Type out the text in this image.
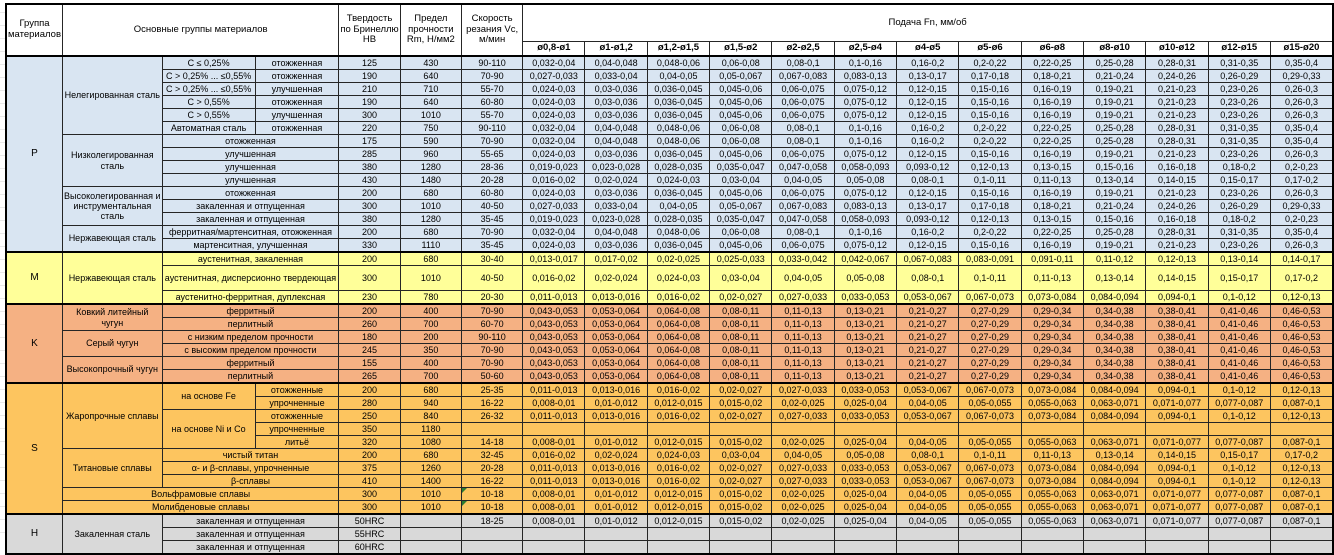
Группа материалов	Основные группы материалов			Твердость по Бринеллю HB	Предел прочности Rm, Н/мм2	Скорость резания Vc, м/мин	Подача Fn, мм/об												
							ø0,8-ø1	ø1-ø1,2	ø1,2-ø1,5	ø1,5-ø2	ø2-ø2,5	ø2,5-ø4	ø4-ø5	ø5-ø6	ø6-ø8	ø8-ø10	ø10-ø12	ø12-ø15	ø15-ø20
P	Нелегированная сталь	C ≤ 0,25%	отожженная	125	430	90-110	0,032-0,04	0,04-0,048	0,048-0,06	0,06-0,08	0,08-0,1	0,1-0,16	0,16-0,2	0,2-0,22	0,22-0,25	0,25-0,28	0,28-0,31	0,31-0,35	0,35-0,4
		C > 0,25% ... ≤0,55%	отожженная	190	640	70-90	0,027-0,033	0,033-0,04	0,04-0,05	0,05-0,067	0,067-0,083	0,083-0,13	0,13-0,17	0,17-0,18	0,18-0,21	0,21-0,24	0,24-0,26	0,26-0,29	0,29-0,33
		C > 0,25% ... ≤0,55%	улучшенная	210	710	55-70	0,024-0,03	0,03-0,036	0,036-0,045	0,045-0,06	0,06-0,075	0,075-0,12	0,12-0,15	0,15-0,16	0,16-0,19	0,19-0,21	0,21-0,23	0,23-0,26	0,26-0,3
		C > 0,55%	отожженная	190	640	60-80	0,024-0,03	0,03-0,036	0,036-0,045	0,045-0,06	0,06-0,075	0,075-0,12	0,12-0,15	0,15-0,16	0,16-0,19	0,19-0,21	0,21-0,23	0,23-0,26	0,26-0,3
		C > 0,55%	улучшенная	300	1010	55-70	0,024-0,03	0,03-0,036	0,036-0,045	0,045-0,06	0,06-0,075	0,075-0,12	0,12-0,15	0,15-0,16	0,16-0,19	0,19-0,21	0,21-0,23	0,23-0,26	0,26-0,3
		Автоматная сталь	отожженная	220	750	90-110	0,032-0,04	0,04-0,048	0,048-0,06	0,06-0,08	0,08-0,1	0,1-0,16	0,16-0,2	0,2-0,22	0,22-0,25	0,25-0,28	0,28-0,31	0,31-0,35	0,35-0,4
	Низколегированная сталь	отожженная		175	590	70-90	0,032-0,04	0,04-0,048	0,048-0,06	0,06-0,08	0,08-0,1	0,1-0,16	0,16-0,2	0,2-0,22	0,22-0,25	0,25-0,28	0,28-0,31	0,31-0,35	0,35-0,4
		улучшенная		285	960	55-65	0,024-0,03	0,03-0,036	0,036-0,045	0,045-0,06	0,06-0,075	0,075-0,12	0,12-0,15	0,15-0,16	0,16-0,19	0,19-0,21	0,21-0,23	0,23-0,26	0,26-0,3
		улучшенная		380	1280	28-36	0,019-0,023	0,023-0,028	0,028-0,035	0,035-0,047	0,047-0,058	0,058-0,093	0,093-0,12	0,12-0,13	0,13-0,15	0,15-0,16	0,16-0,18	0,18-0,2	0,2-0,23
		улучшенная		430	1480	20-28	0,016-0,02	0,02-0,024	0,024-0,03	0,03-0,04	0,04-0,05	0,05-0,08	0,08-0,1	0,1-0,11	0,11-0,13	0,13-0,14	0,14-0,15	0,15-0,17	0,17-0,2
	Высоколегированная и инструментальная сталь	отожженная		200	680	60-80	0,024-0,03	0,03-0,036	0,036-0,045	0,045-0,06	0,06-0,075	0,075-0,12	0,12-0,15	0,15-0,16	0,16-0,19	0,19-0,21	0,21-0,23	0,23-0,26	0,26-0,3
		закаленная и отпущенная		300	1010	40-50	0,027-0,033	0,033-0,04	0,04-0,05	0,05-0,067	0,067-0,083	0,083-0,13	0,13-0,17	0,17-0,18	0,18-0,21	0,21-0,24	0,24-0,26	0,26-0,29	0,29-0,33
		закаленная и отпущенная		380	1280	35-45	0,019-0,023	0,023-0,028	0,028-0,035	0,035-0,047	0,047-0,058	0,058-0,093	0,093-0,12	0,12-0,13	0,13-0,15	0,15-0,16	0,16-0,18	0,18-0,2	0,2-0,23
	Нержавеющая сталь	ферритная/мартенситная, отожженная		200	680	70-90	0,032-0,04	0,04-0,048	0,048-0,06	0,06-0,08	0,08-0,1	0,1-0,16	0,16-0,2	0,2-0,22	0,22-0,25	0,25-0,28	0,28-0,31	0,31-0,35	0,35-0,4
		мартенситная, улучшенная		330	1110	35-45	0,024-0,03	0,03-0,036	0,036-0,045	0,045-0,06	0,06-0,075	0,075-0,12	0,12-0,15	0,15-0,16	0,16-0,19	0,19-0,21	0,21-0,23	0,23-0,26	0,26-0,3
M	Нержавеющая сталь	аустенитная, закаленная		200	680	30-40	0,013-0,017	0,017-0,02	0,02-0,025	0,025-0,033	0,033-0,042	0,042-0,067	0,067-0,083	0,083-0,091	0,091-0,11	0,11-0,12	0,12-0,13	0,13-0,14	0,14-0,17
		аустенитная, дисперсионно твердеющая		300	1010	40-50	0,016-0,02	0,02-0,024	0,024-0,03	0,03-0,04	0,04-0,05	0,05-0,08	0,08-0,1	0,1-0,11	0,11-0,13	0,13-0,14	0,14-0,15	0,15-0,17	0,17-0,2
		аустенитно-ферритная, дуплексная		230	780	20-30	0,011-0,013	0,013-0,016	0,016-0,02	0,02-0,027	0,027-0,033	0,033-0,053	0,053-0,067	0,067-0,073	0,073-0,084	0,084-0,094	0,094-0,1	0,1-0,12	0,12-0,13
K	Ковкий литейный чугун	ферритный		200	400	70-90	0,043-0,053	0,053-0,064	0,064-0,08	0,08-0,11	0,11-0,13	0,13-0,21	0,21-0,27	0,27-0,29	0,29-0,34	0,34-0,38	0,38-0,41	0,41-0,46	0,46-0,53
		перлитный		260	700	60-70	0,043-0,053	0,053-0,064	0,064-0,08	0,08-0,11	0,11-0,13	0,13-0,21	0,21-0,27	0,27-0,29	0,29-0,34	0,34-0,38	0,38-0,41	0,41-0,46	0,46-0,53
	Серый чугун	с низким пределом прочности		180	200	90-110	0,043-0,053	0,053-0,064	0,064-0,08	0,08-0,11	0,11-0,13	0,13-0,21	0,21-0,27	0,27-0,29	0,29-0,34	0,34-0,38	0,38-0,41	0,41-0,46	0,46-0,53
		с высоким пределом прочности		245	350	70-90	0,043-0,053	0,053-0,064	0,064-0,08	0,08-0,11	0,11-0,13	0,13-0,21	0,21-0,27	0,27-0,29	0,29-0,34	0,34-0,38	0,38-0,41	0,41-0,46	0,46-0,53
	Высокопрочный чугун	ферритный		155	400	70-90	0,043-0,053	0,053-0,064	0,064-0,08	0,08-0,11	0,11-0,13	0,13-0,21	0,21-0,27	0,27-0,29	0,29-0,34	0,34-0,38	0,38-0,41	0,41-0,46	0,46-0,53
		перлитный		265	700	50-60	0,043-0,053	0,053-0,064	0,064-0,08	0,08-0,11	0,11-0,13	0,13-0,21	0,21-0,27	0,27-0,29	0,29-0,34	0,34-0,38	0,38-0,41	0,41-0,46	0,46-0,53
S	Жаропрочные сплавы	на основе Fe	отожженные	200	680	25-35	0,011-0,013	0,013-0,016	0,016-0,02	0,02-0,027	0,027-0,033	0,033-0,053	0,053-0,067	0,067-0,073	0,073-0,084	0,084-0,094	0,094-0,1	0,1-0,12	0,12-0,13
			упрочненные	280	940	16-22	0,008-0,01	0,01-0,012	0,012-0,015	0,015-0,02	0,02-0,025	0,025-0,04	0,04-0,05	0,05-0,055	0,055-0,063	0,063-0,071	0,071-0,077	0,077-0,087	0,087-0,1
		на основе Ni и Co	отожженные	250	840	26-32	0,011-0,013	0,013-0,016	0,016-0,02	0,02-0,027	0,027-0,033	0,033-0,053	0,053-0,067	0,067-0,073	0,073-0,084	0,084-0,094	0,094-0,1	0,1-0,12	0,12-0,13
			упрочненные	350	1180														
			литьё	320	1080	14-18	0,008-0,01	0,01-0,012	0,012-0,015	0,015-0,02	0,02-0,025	0,025-0,04	0,04-0,05	0,05-0,055	0,055-0,063	0,063-0,071	0,071-0,077	0,077-0,087	0,087-0,1
	Титановые сплавы	чистый титан		200	680	32-45	0,016-0,02	0,02-0,024	0,024-0,03	0,03-0,04	0,04-0,05	0,05-0,08	0,08-0,1	0,1-0,11	0,11-0,13	0,13-0,14	0,14-0,15	0,15-0,17	0,17-0,2
		α- и β-сплавы, упрочненные		375	1260	20-28	0,011-0,013	0,013-0,016	0,016-0,02	0,02-0,027	0,027-0,033	0,033-0,053	0,053-0,067	0,067-0,073	0,073-0,084	0,084-0,094	0,094-0,1	0,1-0,12	0,12-0,13
		β-сплавы		410	1400	16-22	0,011-0,013	0,013-0,016	0,016-0,02	0,02-0,027	0,027-0,033	0,033-0,053	0,053-0,067	0,067-0,073	0,073-0,084	0,084-0,094	0,094-0,1	0,1-0,12	0,12-0,13
	Вольфрамовые сплавы			300	1010	10-18	0,008-0,01	0,01-0,012	0,012-0,015	0,015-0,02	0,02-0,025	0,025-0,04	0,04-0,05	0,05-0,055	0,055-0,063	0,063-0,071	0,071-0,077	0,077-0,087	0,087-0,1
	Молибденовые сплавы			300	1010	10-18	0,008-0,01	0,01-0,012	0,012-0,015	0,015-0,02	0,02-0,025	0,025-0,04	0,04-0,05	0,05-0,055	0,055-0,063	0,063-0,071	0,071-0,077	0,077-0,087	0,087-0,1
H	Закаленная сталь	закаленная и отпущенная		50HRC		18-25	0,008-0,01	0,01-0,012	0,012-0,015	0,015-0,02	0,02-0,025	0,025-0,04	0,04-0,05	0,05-0,055	0,055-0,063	0,063-0,071	0,071-0,077	0,077-0,087	0,087-0,1
		закаленная и отпущенная		55HRC															
		закаленная и отпущенная		60HRC															
